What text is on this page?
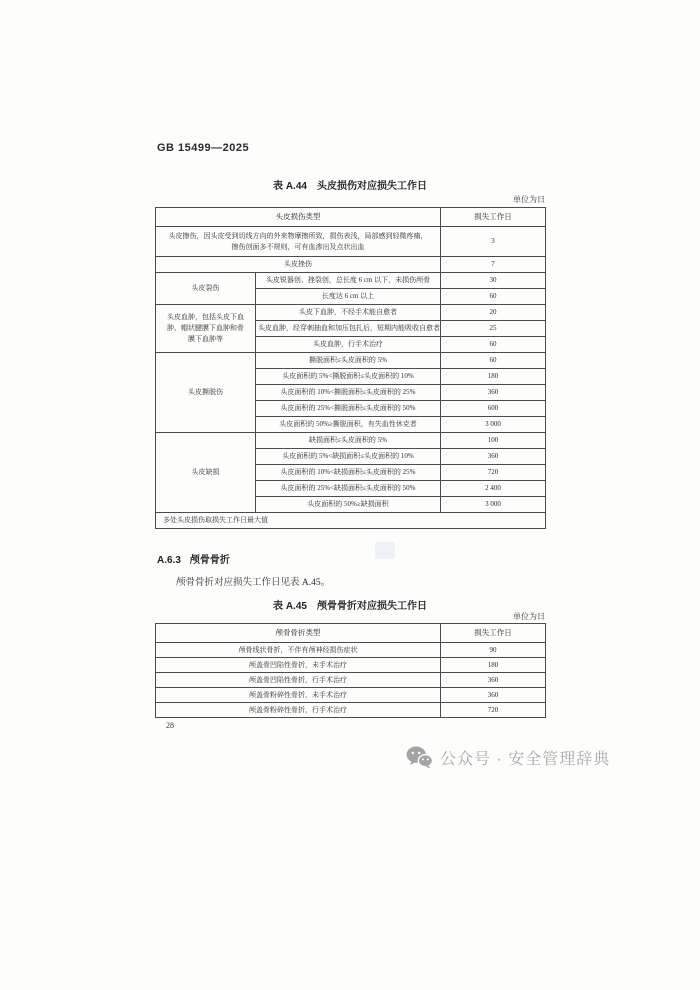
GB 15499—2025
表 A.44 头皮损伤对应损失工作日
单位为日
头皮损伤类型		损失工作日
头皮擦伤，因头皮受到切线方向的外来物摩擦所致，损伤表浅，局部感到轻微疼痛，擦伤创面多不规则，可有血渗出及点状出血		3
头皮挫伤		7
头皮裂伤	头皮锐器创、挫裂创，总长度 6 cm 以下，未损伤颅骨	30
	长度达 6 cm 以上	60
头皮血肿，包括头皮下血肿、帽状腱膜下血肿和骨膜下血肿等	头皮下血肿，不经手术能自愈者	20
	头皮血肿，经穿刺抽血和加压包扎后，短期内能吸收自愈者	25
	头皮血肿，行手术治疗	60
头皮撕脱伤	撕脱面积≤头皮面积的 5%	60
	头皮面积的 5%<撕脱面积≤头皮面积的 10%	180
	头皮面积的 10%<撕脱面积≤头皮面积的 25%	360
	头皮面积的 25%<撕脱面积≤头皮面积的 50%	600
	头皮面积的 50%≥撕脱面积，有失血性休克者	3 000
头皮缺损	缺损面积≤头皮面积的 5%	100
	头皮面积的 5%<缺损面积≤头皮面积的 10%	360
	头皮面积的 10%<缺损面积≤头皮面积的 25%	720
	头皮面积的 25%<缺损面积≤头皮面积的 50%	2 400
	头皮面积的 50%≥缺损面积	3 000
多处头皮损伤取损失工作日最大值		
A.6.3 颅骨骨折

颅骨骨折对应损失工作日见表 A.45。

表 A.45 颅骨骨折对应损失工作日
单位为日
颅骨骨折类型	损失工作日
颅骨线状骨折，不伴有颅神经损伤症状	90
颅盖骨凹陷性骨折，未手术治疗	180
颅盖骨凹陷性骨折，行手术治疗	360
颅盖骨粉碎性骨折，未手术治疗	360
颅盖骨粉碎性骨折，行手术治疗	720
28
公众号 · 安全管理辞典
